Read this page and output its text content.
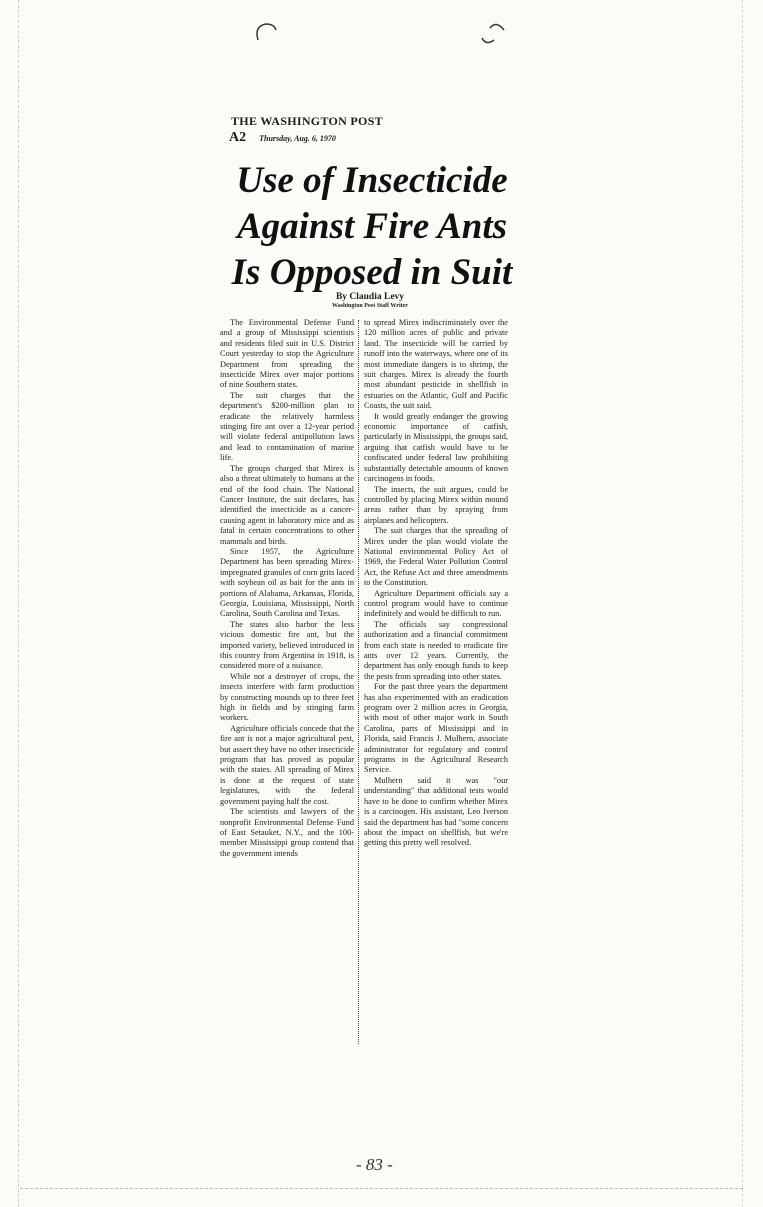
THE WASHINGTON POST
A2 Thursday, Aug. 6, 1970
Use of Insecticide
Against Fire Ants
Is Opposed in Suit
By Claudia Levy
Washington Post Staff Writer

The Environmental Defense Fund and a group of Mississippi scientists and residents filed suit in U.S. District Court yesterday to stop the Agriculture Department from spreading the insecticide Mirex over major portions of nine Southern states.

The suit charges that the department's $200-million plan to eradicate the relatively harmless stinging fire ant over a 12-year period will violate federal antipollution laws and lead to contamination of marine life.

The groups charged that Mirex is also a threat ultimately to humans at the end of the food chain. The National Cancer Institute, the suit declares, has identified the insecticide as a cancer-causing agent in laboratory mice and as fatal in certain concentrations to other mammals and birds.

Since 1957, the Agriculture Department has been spreading Mirex-impregnated granules of corn grits laced with soybean oil as bait for the ants in portions of Alabama, Arkansas, Florida, Georgia, Louisiana, Mississippi, North Carolina, South Carolina and Texas.

The states also harbor the less vicious domestic fire ant, but the imported variety, believed introduced in this country from Argentina in 1918, is considered more of a nuisance.

While not a destroyer of crops, the insects interfere with farm production by constructing mounds up to three feet high in fields and by stinging farm workers.

Agriculture officials concede that the fire ant is not a major agricultural pest, but assert they have no other insecticide program that has proved as popular with the states. All spreading of Mirex is done at the request of state legislatures, with the federal government paying half the cost.

The scientists and lawyers of the nonprofit Environmental Defense Fund of East Setauket, N.Y., and the 100-member Mississippi group contend that the government intends

to spread Mirex indiscriminately over the 120 million acres of public and private land. The insecticide will be carried by runoff into the waterways, where one of its most immediate dangers is to shrimp, the suit charges. Mirex is already the fourth most abundant pesticide in shellfish in estuaries on the Atlantic, Gulf and Pacific Coasts, the suit said.

It would greatly endanger the growing economic importance of catfish, particularly in Mississippi, the groups said, arguing that catfish would have to be confiscated under federal law prohibiting substantially detectable amounts of known carcinogens in foods.

The insects, the suit argues, could be controlled by placing Mirex within mound areas rather than by spraying from airplanes and helicopters.

The suit charges that the spreading of Mirex under the plan would violate the National environmental Policy Act of 1969, the Federal Water Pollution Control Act, the Refuse Act and three amendments to the Constitution.

Agriculture Department officials say a control program would have to continue indefinitely and would be difficult to run.

The officials say congressional authorization and a financial commitment from each state is needed to eradicate fire ants over 12 years. Currently, the department has only enough funds to keep the pests from spreading into other states.

For the past three years the department has also experimented with an eradication program over 2 million acres in Georgia, with most of other major work in South Carolina, parts of Mississippi and in Florida, said Francis J. Mulhern, associate administrator for regulatory and control programs in the Agricultural Research Service.

Mulhern said it was "our understanding" that additional tests would have to be done to confirm whether Mirex is a carcinogen. His assistant, Leo Iverson said the department has had "some concern about the impact on shellfish, but we're getting this pretty well resolved.

- 83 -
